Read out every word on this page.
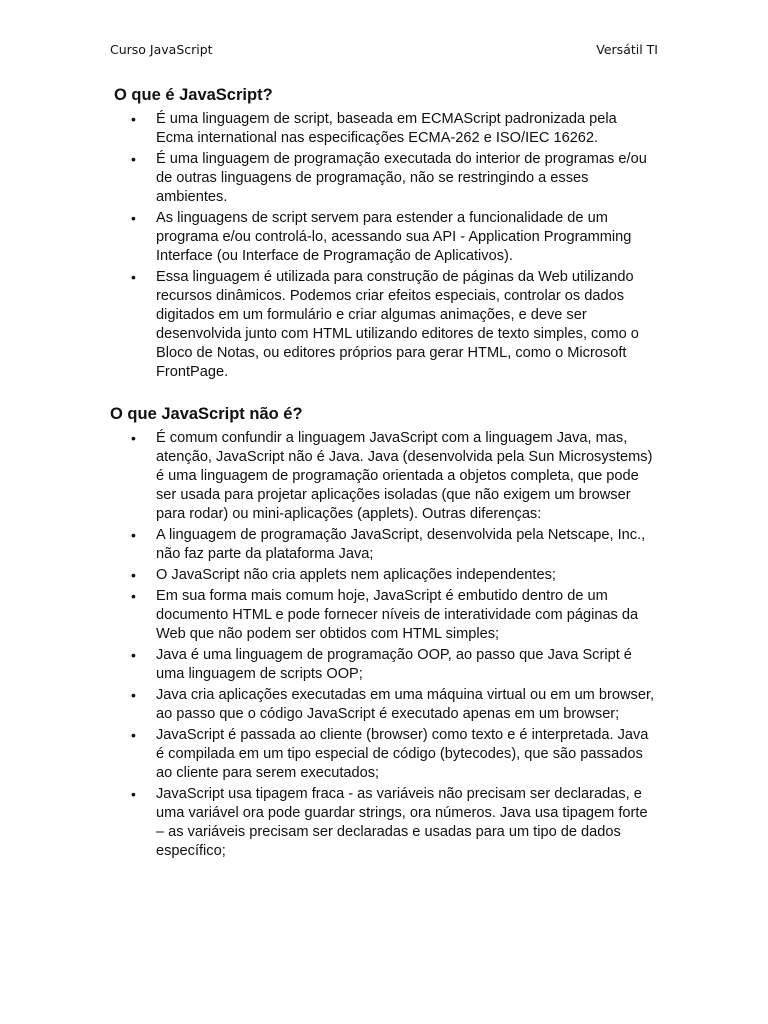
Curso JavaScript	Versátil TI
O que é JavaScript?
• É uma linguagem de script, baseada em ECMAScript padronizada pela Ecma international nas especificações ECMA-262 e ISO/IEC 16262.
• É uma linguagem de programação executada do interior de programas e/ou de outras linguagens de programação, não se restringindo a esses ambientes.
• As linguagens de script servem para estender a funcionalidade de um programa e/ou controlá-lo, acessando sua API - Application Programming Interface (ou Interface de Programação de Aplicativos).
• Essa linguagem é utilizada para construção de páginas da Web utilizando recursos dinâmicos. Podemos criar efeitos especiais, controlar os dados digitados em um formulário e criar algumas animações, e deve ser desenvolvida junto com HTML utilizando editores de texto simples, como o Bloco de Notas, ou editores próprios para gerar HTML, como o Microsoft FrontPage.
O que JavaScript não é?
• É comum confundir a linguagem JavaScript com a linguagem Java, mas, atenção, JavaScript não é Java. Java (desenvolvida pela Sun Microsystems) é uma linguagem de programação orientada a objetos completa, que pode ser usada para projetar aplicações isoladas (que não exigem um browser para rodar) ou mini-aplicações (applets). Outras diferenças:
• A linguagem de programação JavaScript, desenvolvida pela Netscape, Inc., não faz parte da plataforma Java;
• O JavaScript não cria applets nem aplicações independentes;
• Em sua forma mais comum hoje, JavaScript é embutido dentro de um documento HTML e pode fornecer níveis de interatividade com páginas da Web que não podem ser obtidos com HTML simples;
• Java é uma linguagem de programação OOP, ao passo que Java Script é uma linguagem de scripts OOP;
• Java cria aplicações executadas em uma máquina virtual ou em um browser, ao passo que o código JavaScript é executado apenas em um browser;
• JavaScript é passada ao cliente (browser) como texto e é interpretada. Java é compilada em um tipo especial de código (bytecodes), que são passados ao cliente para serem executados;
• JavaScript usa tipagem fraca - as variáveis não precisam ser declaradas, e uma variável ora pode guardar strings, ora números. Java usa tipagem forte – as variáveis precisam ser declaradas e usadas para um tipo de dados específico;
